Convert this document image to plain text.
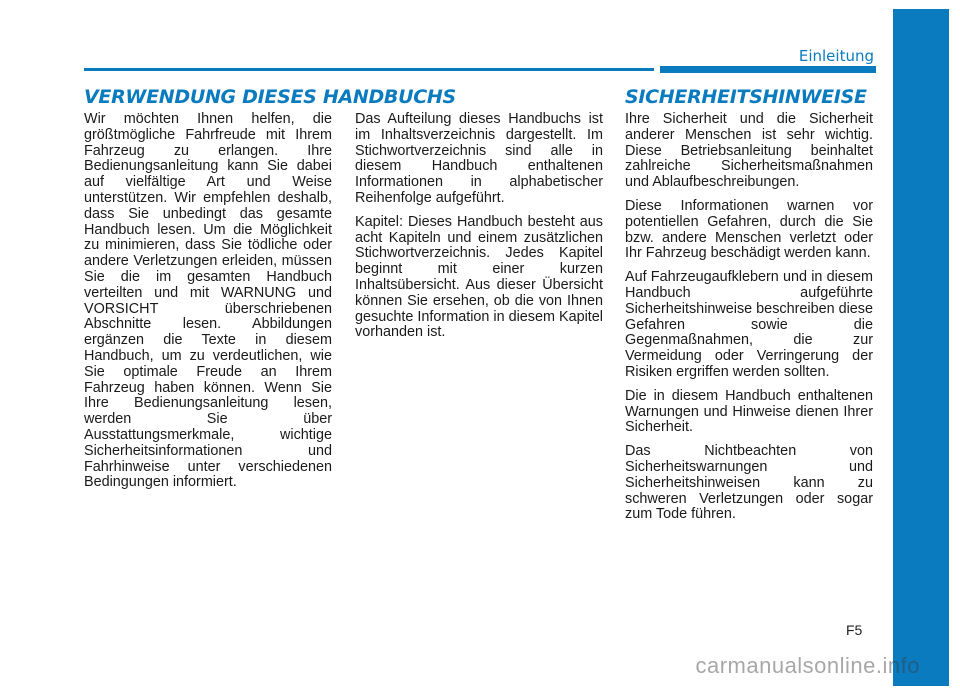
Einleitung
VERWENDUNG DIESES HANDBUCHS	SICHERHEITSHINWEISE

Wir möchten Ihnen helfen, die größtmögliche Fahrfreude mit Ihrem Fahrzeug zu erlangen. Ihre Bedienungsanleitung kann Sie dabei auf vielfältige Art und Weise unterstützen. Wir empfehlen deshalb, dass Sie unbedingt das gesamte Handbuch lesen. Um die Möglichkeit zu minimieren, dass Sie tödliche oder andere Verletzungen erleiden, müssen Sie die im gesamten Handbuch verteilten und mit WARNUNG und VORSICHT überschriebenen Abschnitte lesen. Abbildungen ergänzen die Texte in diesem Handbuch, um zu verdeutlichen, wie Sie optimale Freude an Ihrem Fahrzeug haben können. Wenn Sie Ihre Bedienungsanleitung lesen, werden Sie über Ausstattungsmerkmale, wichtige Sicherheitsinformationen und Fahrhinweise unter verschiedenen Bedingungen informiert.

Das Aufteilung dieses Handbuchs ist im Inhaltsverzeichnis dargestellt. Im Stichwortverzeichnis sind alle in diesem Handbuch enthaltenen Informationen in alphabetischer Reihenfolge aufgeführt.

Kapitel: Dieses Handbuch besteht aus acht Kapiteln und einem zusätzlichen Stichwortverzeichnis. Jedes Kapitel beginnt mit einer kurzen Inhaltsübersicht. Aus dieser Übersicht können Sie ersehen, ob die von Ihnen gesuchte Information in diesem Kapitel vorhanden ist.

Ihre Sicherheit und die Sicherheit anderer Menschen ist sehr wichtig. Diese Betriebsanleitung beinhaltet zahlreiche Sicherheitsmaßnahmen und Ablaufbeschreibungen.

Diese Informationen warnen vor potentiellen Gefahren, durch die Sie bzw. andere Menschen verletzt oder Ihr Fahrzeug beschädigt werden kann.

Auf Fahrzeugaufklebern und in diesem Handbuch aufgeführte Sicherheitshinweise beschreiben diese Gefahren sowie die Gegenmaßnahmen, die zur Vermeidung oder Verringerung der Risiken ergriffen werden sollten.

Die in diesem Handbuch enthaltenen Warnungen und Hinweise dienen Ihrer Sicherheit.

Das Nichtbeachten von Sicherheitswarnungen und Sicherheitshinweisen kann zu schweren Verletzungen oder sogar zum Tode führen.

F5
carmanualsonline.info
